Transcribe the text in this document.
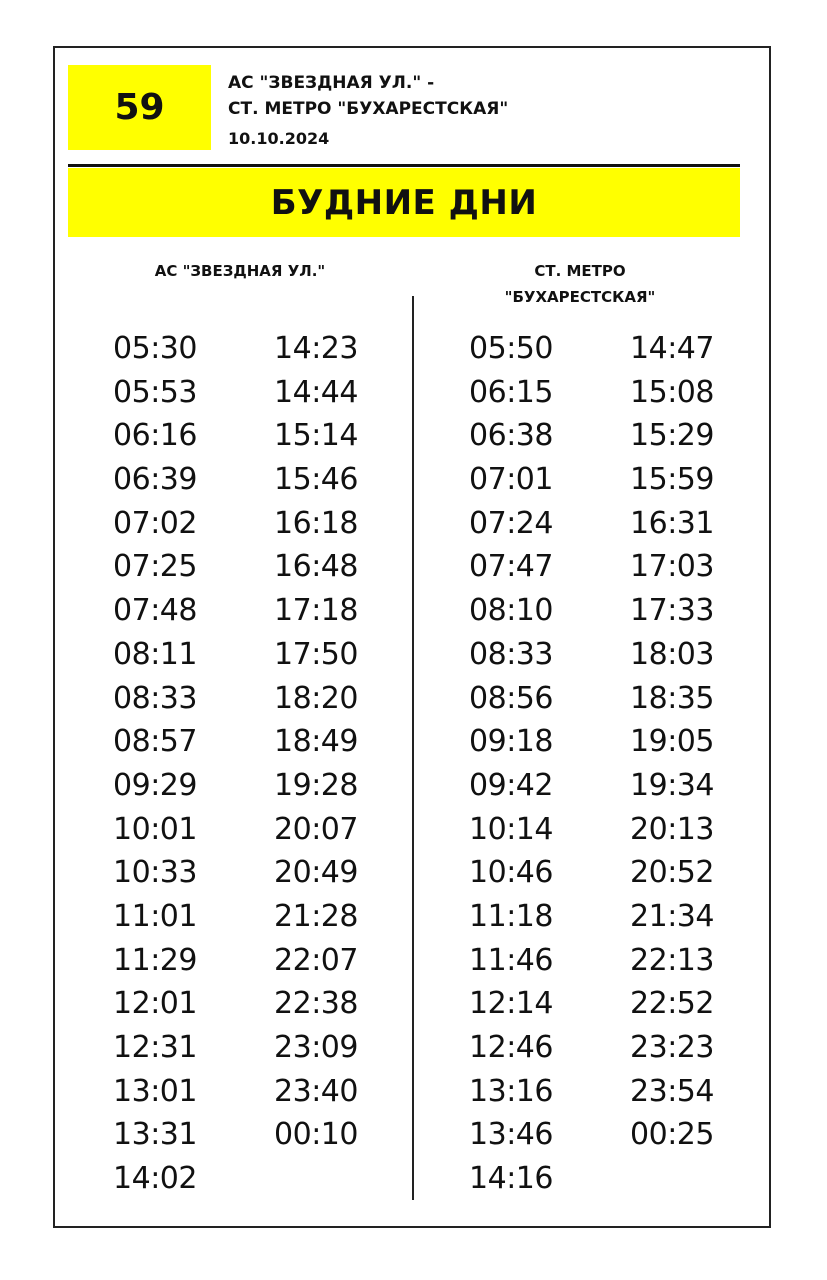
59
АС "ЗВЕЗДНАЯ УЛ." -
СТ. МЕТРО "БУХАРЕСТСКАЯ"
10.10.2024
БУДНИЕ ДНИ
АС "ЗВЕЗДНАЯ УЛ."	СТ. МЕТРО
"БУХАРЕСТСКАЯ"
05:30
05:53
06:16
06:39
07:02
07:25
07:48
08:11
08:33
08:57
09:29
10:01
10:33
11:01
11:29
12:01
12:31
13:01
13:31
14:02
14:23
14:44
15:14
15:46
16:18
16:48
17:18
17:50
18:20
18:49
19:28
20:07
20:49
21:28
22:07
22:38
23:09
23:40
00:10
05:50
06:15
06:38
07:01
07:24
07:47
08:10
08:33
08:56
09:18
09:42
10:14
10:46
11:18
11:46
12:14
12:46
13:16
13:46
14:16
14:47
15:08
15:29
15:59
16:31
17:03
17:33
18:03
18:35
19:05
19:34
20:13
20:52
21:34
22:13
22:52
23:23
23:54
00:25
